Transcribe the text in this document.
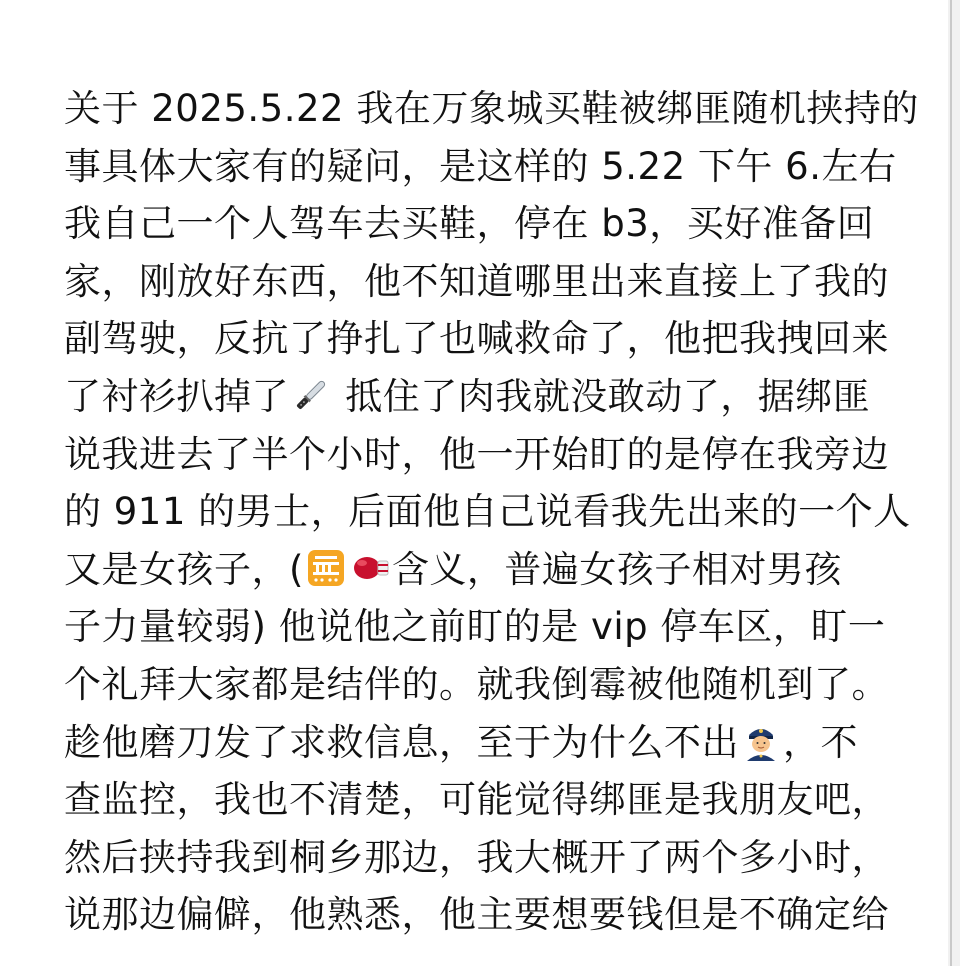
关于 2025.5.22 我在万象城买鞋被绑匪随机挟持的
事具体大家有的疑问，是这样的 5.22 下午 6.左右
我自己一个人驾车去买鞋，停在 b3，买好准备回
家，刚放好东西，他不知道哪里出来直接上了我的
副驾驶，反抗了挣扎了也喊救命了，他把我拽回来
了衬衫扒掉了
抵住了肉我就没敢动了，据绑匪
说我进去了半个小时，他一开始盯的是停在我旁边
的 911 的男士，后面他自己说看我先出来的一个人
又是女孩子，( 含义，普遍女孩子相对男孩
子力量较弱) 他说他之前盯的是 vip 停车区，盯一
个礼拜大家都是结伴的。就我倒霉被他随机到了。
趁他磨刀发了求救信息，至于为什么不出 ，不
查监控，我也不清楚，可能觉得绑匪是我朋友吧，
然后挟持我到桐乡那边，我大概开了两个多小时，
说那边偏僻，他熟悉，他主要想要钱但是不确定给
